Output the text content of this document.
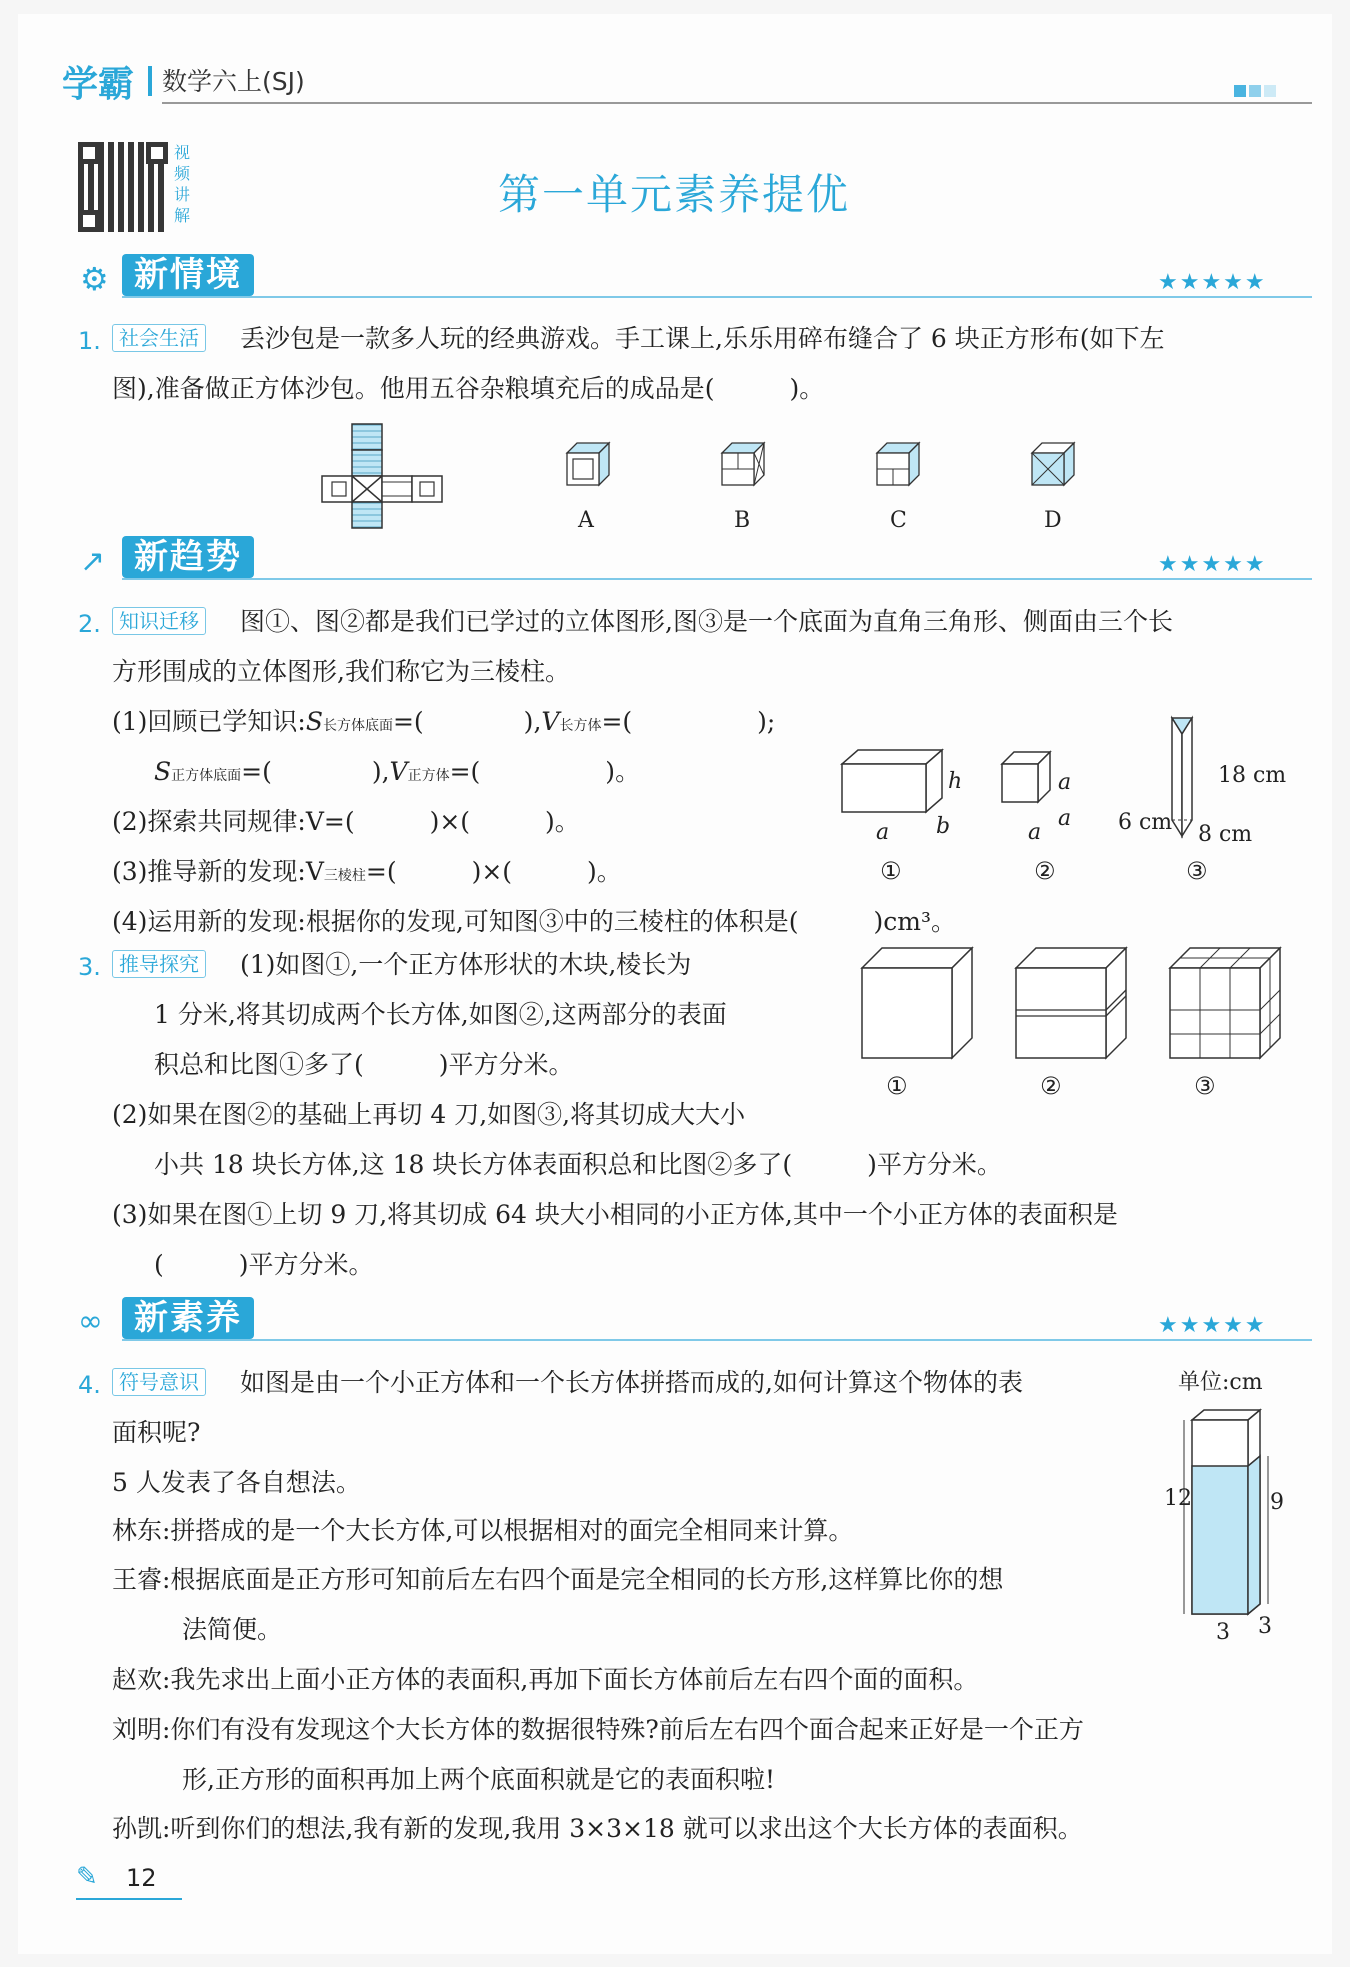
学霸 数学六上(SJ)
视频讲解	第一单元素养提优
⚙ 新情境	★★★★★
1. 社会生活 丢沙包是一款多人玩的经典游戏。手工课上,乐乐用碎布缝合了 6 块正方形布(如下左
图),准备做正方体沙包。他用五谷杂粮填充后的成品是(　　　)。
A	B	C	D
↗ 新趋势	★★★★★
2. 知识迁移 图①、图②都是我们已学过的立体图形,图③是一个底面为直角三角形、侧面由三个长
方形围成的立体图形,我们称它为三棱柱。
(1)回顾已学知识:S长方体底面=(　　　　),V长方体=(　　　　　);
S正方体底面=(　　　　),V正方体=(　　　　　)。
(2)探索共同规律:V=(　　　)×(　　　)。
(3)推导新的发现:V三棱柱=(　　　)×(　　　)。
(4)运用新的发现:根据你的发现,可知图③中的三棱柱的体积是(　　　)cm³。
h
a b
①
a
a
a
②
18 cm
6 cm 8 cm
③
3. 推导探究 (1)如图①,一个正方体形状的木块,棱长为
1 分米,将其切成两个长方体,如图②,这两部分的表面
积总和比图①多了(　　　)平方分米。
(2)如果在图②的基础上再切 4 刀,如图③,将其切成大大小
小共 18 块长方体,这 18 块长方体表面积总和比图②多了(　　　)平方分米。
(3)如果在图①上切 9 刀,将其切成 64 块大小相同的小正方体,其中一个小正方体的表面积是
(　　　)平方分米。
①	②	③
∞ 新素养	★★★★★
4. 符号意识 如图是由一个小正方体和一个长方体拼搭而成的,如何计算这个物体的表
面积呢?
5 人发表了各自想法。
林东:拼搭成的是一个大长方体,可以根据相对的面完全相同来计算。
王睿:根据底面是正方形可知前后左右四个面是完全相同的长方形,这样算比你的想
法简便。
赵欢:我先求出上面小正方体的表面积,再加下面长方体前后左右四个面的面积。
刘明:你们有没有发现这个大长方体的数据很特殊?前后左右四个面合起来正好是一个正方
形,正方形的面积再加上两个底面积就是它的表面积啦!
孙凯:听到你们的想法,我有新的发现,我用 3×3×18 就可以求出这个大长方体的表面积。
单位:cm
12	9
3 3
✎ 12
